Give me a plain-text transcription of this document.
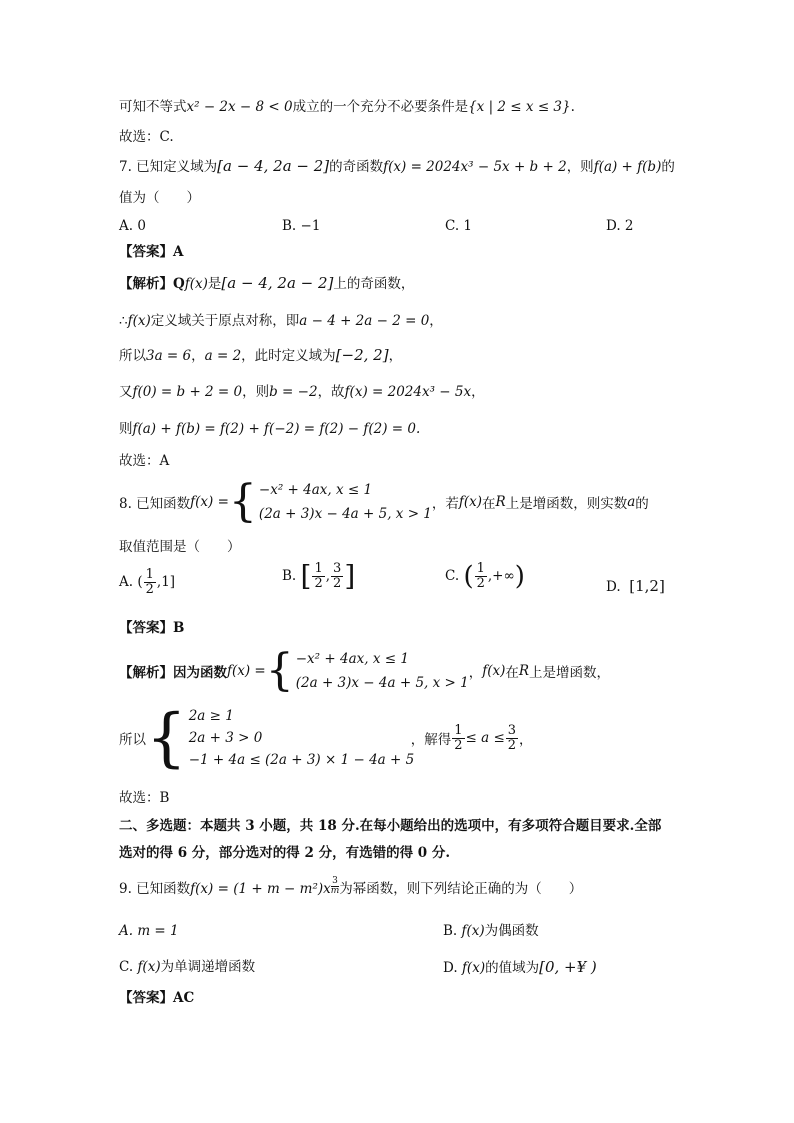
可知不等式x² − 2x − 8 < 0成立的一个充分不必要条件是{x | 2 ≤ x ≤ 3}.
故选：C.
7. 已知定义域为[a − 4, 2a − 2]的奇函数f(x) = 2024x³ − 5x + b + 2，则f(a) + f(b)的
值为（　　）
A. 0	B. −1	C. 1	D. 2
【答案】A
【解析】Qf(x)是[a − 4, 2a − 2]上的奇函数，
∴f(x)定义域关于原点对称，即a − 4 + 2a − 2 = 0，
所以3a = 6，a = 2，此时定义域为[−2, 2]，
又f(0) = b + 2 = 0，则b = −2，故f(x) = 2024x³ − 5x，
则f(a) + f(b) = f(2) + f(−2) = f(2) − f(2) = 0.
故选：A
8. 已知函数 f(x) = { −x² + 4ax, x ≤ 1
(2a + 3)x − 4a + 5, x > 1
，若 f(x) 在 R 上是增函数，则实数 a 的
取值范围是（　　）
A. ( $\frac{1}{2} ,1$]	B. [ $\frac{1}{2}$ , $\frac{3}{2}$ ]	C. ( $\frac{1}{2}$ ,+∞)	D. [1,2]
【答案】B
【解析】因为函数 f(x) = { −x² + 4ax, x ≤ 1
(2a + 3)x − 4a + 5, x > 1
， f(x) 在 R 上是增函数，
所以 { 2a ≥ 1
2a + 3 > 0
−1 + 4a ≤ (2a + 3) × 1 − 4a + 5
，解得 $\frac{1}{2} \le a \le \frac{3}{2}$ ，
故选：B
二、多选题：本题共 3 小题，共 18 分.在每小题给出的选项中，有多项符合题目要求.全部
选对的得 6 分，部分选对的得 2 分，有选错的得 0 分.
9. 已知函数$f(x) = (1 + m - m^2)x \frac{3}{m}$ 为幂函数，则下列结论正确的为（　　）
A. m = 1	B. f(x)为偶函数
C. f(x)为单调递增函数	D. f(x)的值域为[0, +¥ )
【答案】AC
